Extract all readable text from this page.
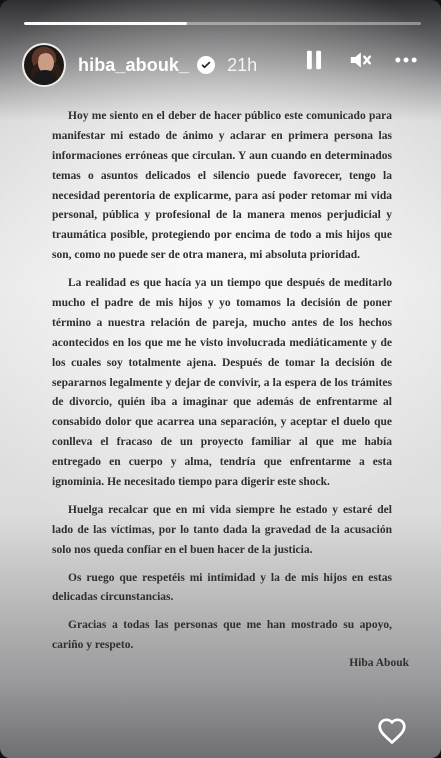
hiba_abouk_ 21h

Hoy me siento en el deber de hacer público este comunicado para manifestar mi estado de ánimo y aclarar en primera persona las informaciones erróneas que circulan. Y aun cuando en determinados temas o asuntos delicados el silencio puede favorecer, tengo la necesidad perentoria de explicarme, para así poder retomar mi vida personal, pública y profesional de la manera menos perjudicial y traumática posible, protegiendo por encima de todo a mis hijos que son, como no puede ser de otra manera, mi absoluta prioridad.

La realidad es que hacía ya un tiempo que después de meditarlo mucho el padre de mis hijos y yo tomamos la decisión de poner término a nuestra relación de pareja, mucho antes de los hechos acontecidos en los que me he visto involucrada mediáticamente y de los cuales soy totalmente ajena. Después de tomar la decisión de separarnos legalmente y dejar de convivir, a la espera de los trámites de divorcio, quién iba a imaginar que además de enfrentarme al consabido dolor que acarrea una separación, y aceptar el duelo que conlleva el fracaso de un proyecto familiar al que me había entregado en cuerpo y alma, tendría que enfrentarme a esta ignominia. He necesitado tiempo para digerir este shock.

Huelga recalcar que en mi vida siempre he estado y estaré del lado de las víctimas, por lo tanto dada la gravedad de la acusación solo nos queda confiar en el buen hacer de la justicia.

Os ruego que respetéis mi intimidad y la de mis hijos en estas delicadas circunstancias.

Gracias a todas las personas que me han mostrado su apoyo, cariño y respeto.

Hiba Abouk
